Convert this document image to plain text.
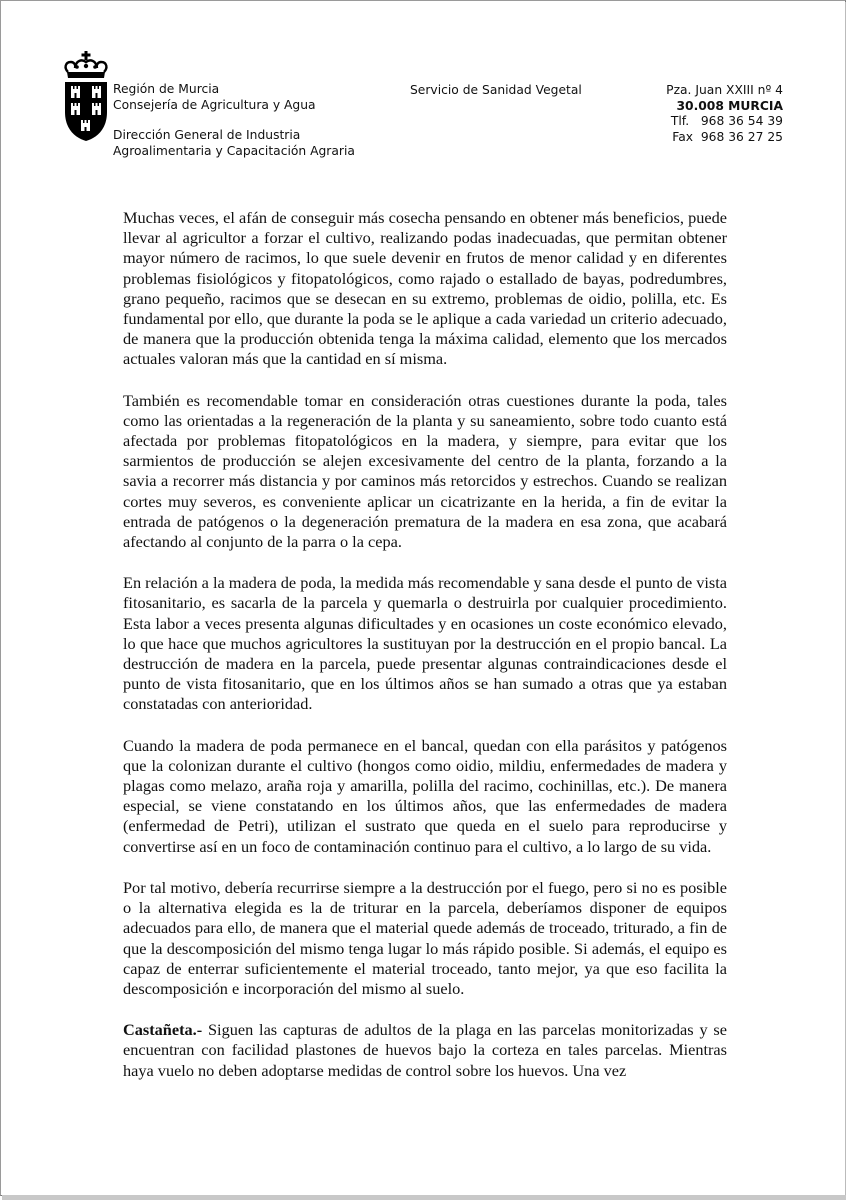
Región de Murcia
Consejería de Agricultura y Agua
Dirección General de Industria
Agroalimentaria y Capacitación Agraria
Servicio de Sanidad Vegetal	Pza. Juan XXIII nº 4
30.008 MURCIA
Tlf.   968 36 54 39
Fax  968 36 27 25

Muchas veces, el afán de conseguir más cosecha pensando en obtener más beneficios, puede llevar al agricultor a forzar el cultivo, realizando podas inadecuadas, que permitan obtener mayor número de racimos, lo que suele devenir en frutos de menor calidad y en diferentes problemas fisiológicos y fitopatológicos, como rajado o estallado de bayas, podredumbres, grano pequeño, racimos que se desecan en su extremo, problemas de oidio, polilla, etc. Es fundamental por ello, que durante la poda se le aplique a cada variedad un criterio adecuado, de manera que la producción obtenida tenga la máxima calidad, elemento que los mercados actuales valoran más que la cantidad en sí misma.

También es recomendable tomar en consideración otras cuestiones durante la poda, tales como las orientadas a la regeneración de la planta y su saneamiento, sobre todo cuanto está afectada por problemas fitopatológicos en la madera, y siempre, para evitar que los sarmientos de producción se alejen excesivamente del centro de la planta, forzando a la savia a recorrer más distancia y por caminos más retorcidos y estrechos. Cuando se realizan cortes muy severos, es conveniente aplicar un cicatrizante en la herida, a fin de evitar la entrada de patógenos o la degeneración prematura de la madera en esa zona, que acabará afectando al conjunto de la parra o la cepa.

En relación a la madera de poda, la medida más recomendable y sana desde el punto de vista fitosanitario, es sacarla de la parcela y quemarla o destruirla por cualquier procedimiento. Esta labor a veces presenta algunas dificultades y en ocasiones un coste económico elevado, lo que hace que muchos agricultores la sustituyan por la destrucción en el propio bancal. La destrucción de madera en la parcela, puede presentar algunas contraindicaciones desde el punto de vista fitosanitario, que en los últimos años se han sumado a otras que ya estaban constatadas con anterioridad.

Cuando la madera de poda permanece en el bancal, quedan con ella parásitos y patógenos que la colonizan durante el cultivo (hongos como oidio, mildiu, enfermedades de madera y plagas como melazo, araña roja y amarilla, polilla del racimo, cochinillas, etc.). De manera especial, se viene constatando en los últimos años, que las enfermedades de madera (enfermedad de Petri), utilizan el sustrato que queda en el suelo para reproducirse y convertirse así en un foco de contaminación continuo para el cultivo, a lo largo de su vida.

Por tal motivo, debería recurrirse siempre a la destrucción por el fuego, pero si no es posible o la alternativa elegida es la de triturar en la parcela, deberíamos disponer de equipos adecuados para ello, de manera que el material quede además de troceado, triturado, a fin de que la descomposición del mismo tenga lugar lo más rápido posible. Si además, el equipo es capaz de enterrar suficientemente el material troceado, tanto mejor, ya que eso facilita la descomposición e incorporación del mismo al suelo.

Castañeta.- Siguen las capturas de adultos de la plaga en las parcelas monitorizadas y se encuentran con facilidad plastones de huevos bajo la corteza en tales parcelas. Mientras haya vuelo no deben adoptarse medidas de control sobre los huevos. Una vez
